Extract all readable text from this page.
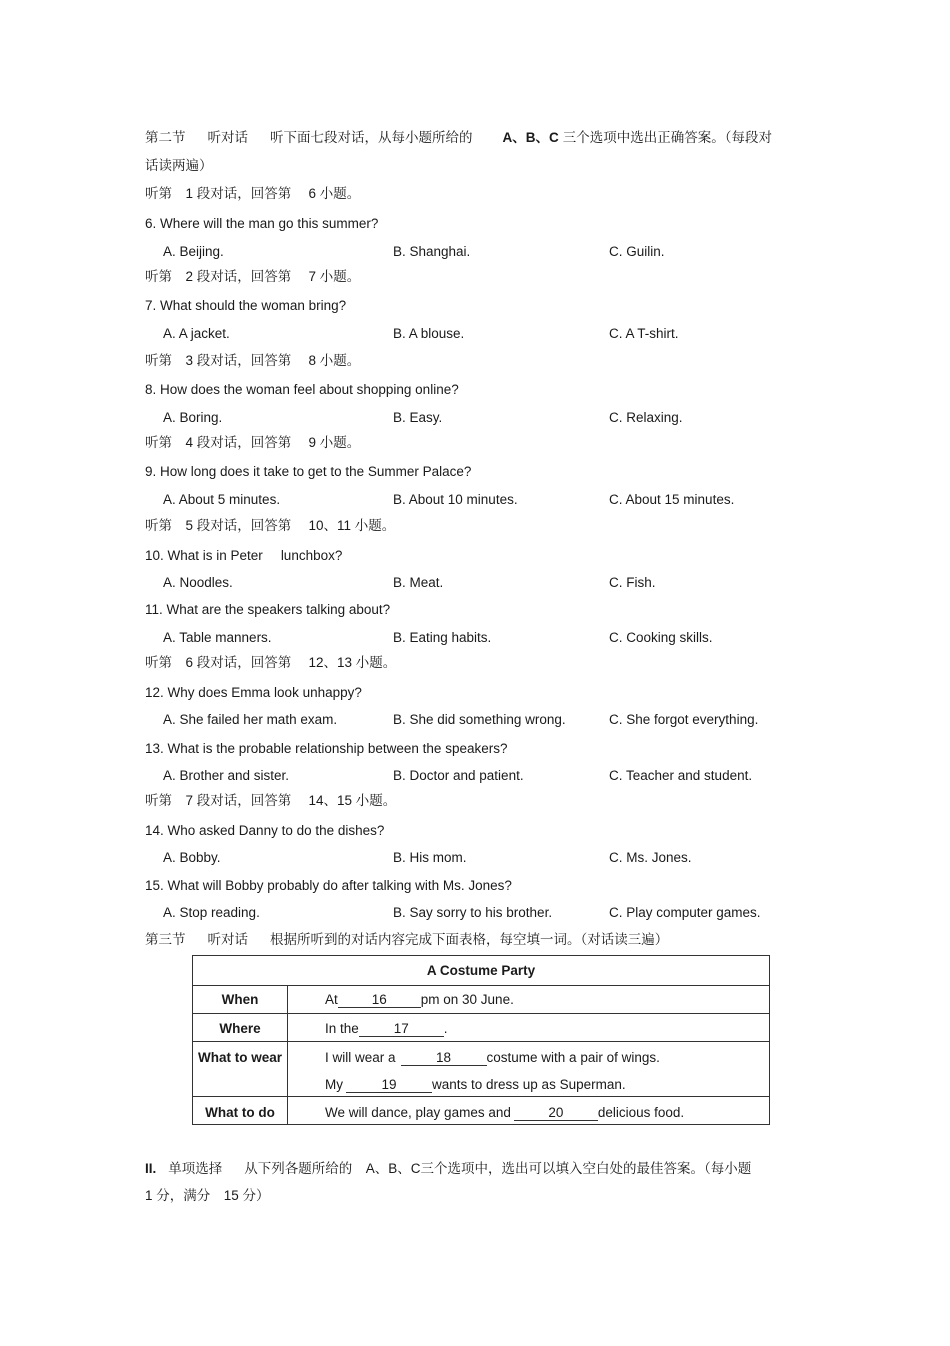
第二节 听对话 听下面七段对话，从每小题所给的 A、B、C 三个选项中选出正确答案。（每段对
话读两遍）
听第　1 段对话，回答第　 6 小题。
6. Where will the man go this summer?
A. Beijing.	B. Shanghai.	C. Guilin.
听第　2 段对话，回答第　 7 小题。
7. What should the woman bring?
A. A jacket.	B. A blouse.	C. A T-shirt.
听第　3 段对话，回答第　 8 小题。
8. How does the woman feel about shopping online?
A. Boring.	B. Easy.	C. Relaxing.
听第　4 段对话，回答第　 9 小题。
9. How long does it take to get to the Summer Palace?
A. About 5 minutes.	B. About 10 minutes.	C. About 15 minutes.
听第　5 段对话，回答第　 10、11 小题。
10. What is in Peter lunchbox?
A. Noodles.	B. Meat.	C. Fish.
11. What are the speakers talking about?
A. Table manners.	B. Eating habits.	C. Cooking skills.
听第　6 段对话，回答第　 12、13 小题。
12. Why does Emma look unhappy?
A. She failed her math exam.	B. She did something wrong.	C. She forgot everything.
13. What is the probable relationship between the speakers?
A. Brother and sister.	B. Doctor and patient.	C. Teacher and student.
听第　7 段对话，回答第　 14、15 小题。
14. Who asked Danny to do the dishes?
A. Bobby.	B. His mom.	C. Ms. Jones.
15. What will Bobby probably do after talking with Ms. Jones?
A. Stop reading.	B. Say sorry to his brother.	C. Play computer games.
第三节 听对话 根据所听到的对话内容完成下面表格，每空填一词。（对话读三遍）
A Costume Party
When	At	16	pm on 30 June.
Where	In the	17	.
What to wear	I will wear a	18	costume with a pair of wings.
My	19	wants to dress up as Superman.
What to do	We will dance, play games and	20	delicious food.
II. 单项选择 从下列各题所给的　A、B、C三个选项中，选出可以填入空白处的最佳答案。（每小题
1 分，满分　15 分）
